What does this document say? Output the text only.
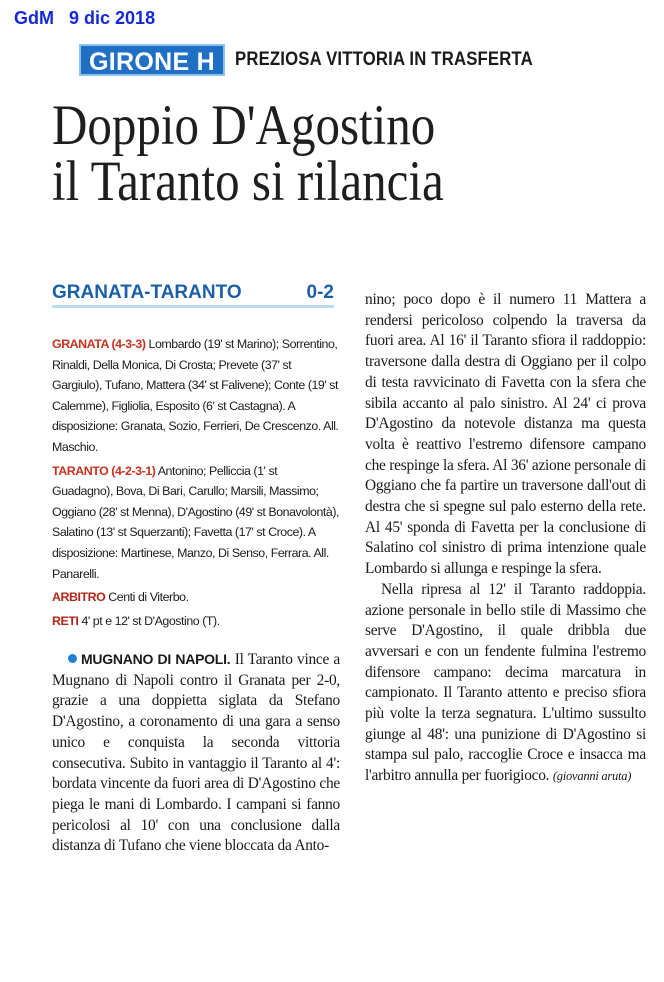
GdM 9 dic 2018
GIRONE H	PREZIOSA VITTORIA IN TRASFERTA
Doppio D'Agostino
il Taranto si rilancia
GRANATA-TARANTO	0-2

GRANATA (4-3-3) Lombardo (19' st Marino); Sorrentino, Rinaldi, Della Monica, Di Crosta; Prevete (37' st Gargiulo), Tufano, Mattera (34' st Falivene); Conte (19' st Calemme), Figliolia, Esposito (6' st Castagna). A disposizione: Granata, Sozio, Ferrieri, De Crescenzo. All. Maschio.

TARANTO (4-2-3-1) Antonino; Pelliccia (1' st Guadagno), Bova, Di Bari, Carullo; Marsili, Massimo; Oggiano (28' st Menna), D'Agostino (49' st Bonavolontà), Salatino (13' st Squerzanti); Favetta (17' st Croce). A disposizione: Martinese, Manzo, Di Senso, Ferrara. All. Panarelli.

ARBITRO Centi di Viterbo.

RETI 4' pt e 12' st D'Agostino (T).

MUGNANO DI NAPOLI. Il Taranto vince a Mugnano di Napoli contro il Granata per 2-0, grazie a una doppietta siglata da Stefano D'Agostino, a coronamento di una gara a senso unico e conquista la seconda vittoria consecutiva. Subito in vantaggio il Taranto al 4': bordata vincente da fuori area di D'Agostino che piega le mani di Lombardo. I campani si fanno pericolosi al 10' con una conclusione dalla distanza di Tufano che viene bloccata da Anto-

nino; poco dopo è il numero 11 Mattera a rendersi pericoloso colpendo la traversa da fuori area. Al 16' il Taranto sfiora il raddoppio: traversone dalla destra di Oggiano per il colpo di testa ravvicinato di Favetta con la sfera che sibila accanto al palo sinistro. Al 24' ci prova D'Agostino da notevole distanza ma questa volta è reattivo l'estremo difensore campano che respinge la sfera. Al 36' azione personale di Oggiano che fa partire un traversone dall'out di destra che si spegne sul palo esterno della rete. Al 45' sponda di Favetta per la conclusione di Salatino col sinistro di prima intenzione quale Lombardo si allunga e respinge la sfera.

Nella ripresa al 12' il Taranto raddoppia. azione personale in bello stile di Massimo che serve D'Agostino, il quale dribbla due avversari e con un fendente fulmina l'estremo difensore campano: decima marcatura in campionato. Il Taranto attento e preciso sfiora più volte la terza segnatura. L'ultimo sussulto giunge al 48': una punizione di D'Agostino si stampa sul palo, raccoglie Croce e insacca ma l'arbitro annulla per fuorigioco. (giovanni aruta)
